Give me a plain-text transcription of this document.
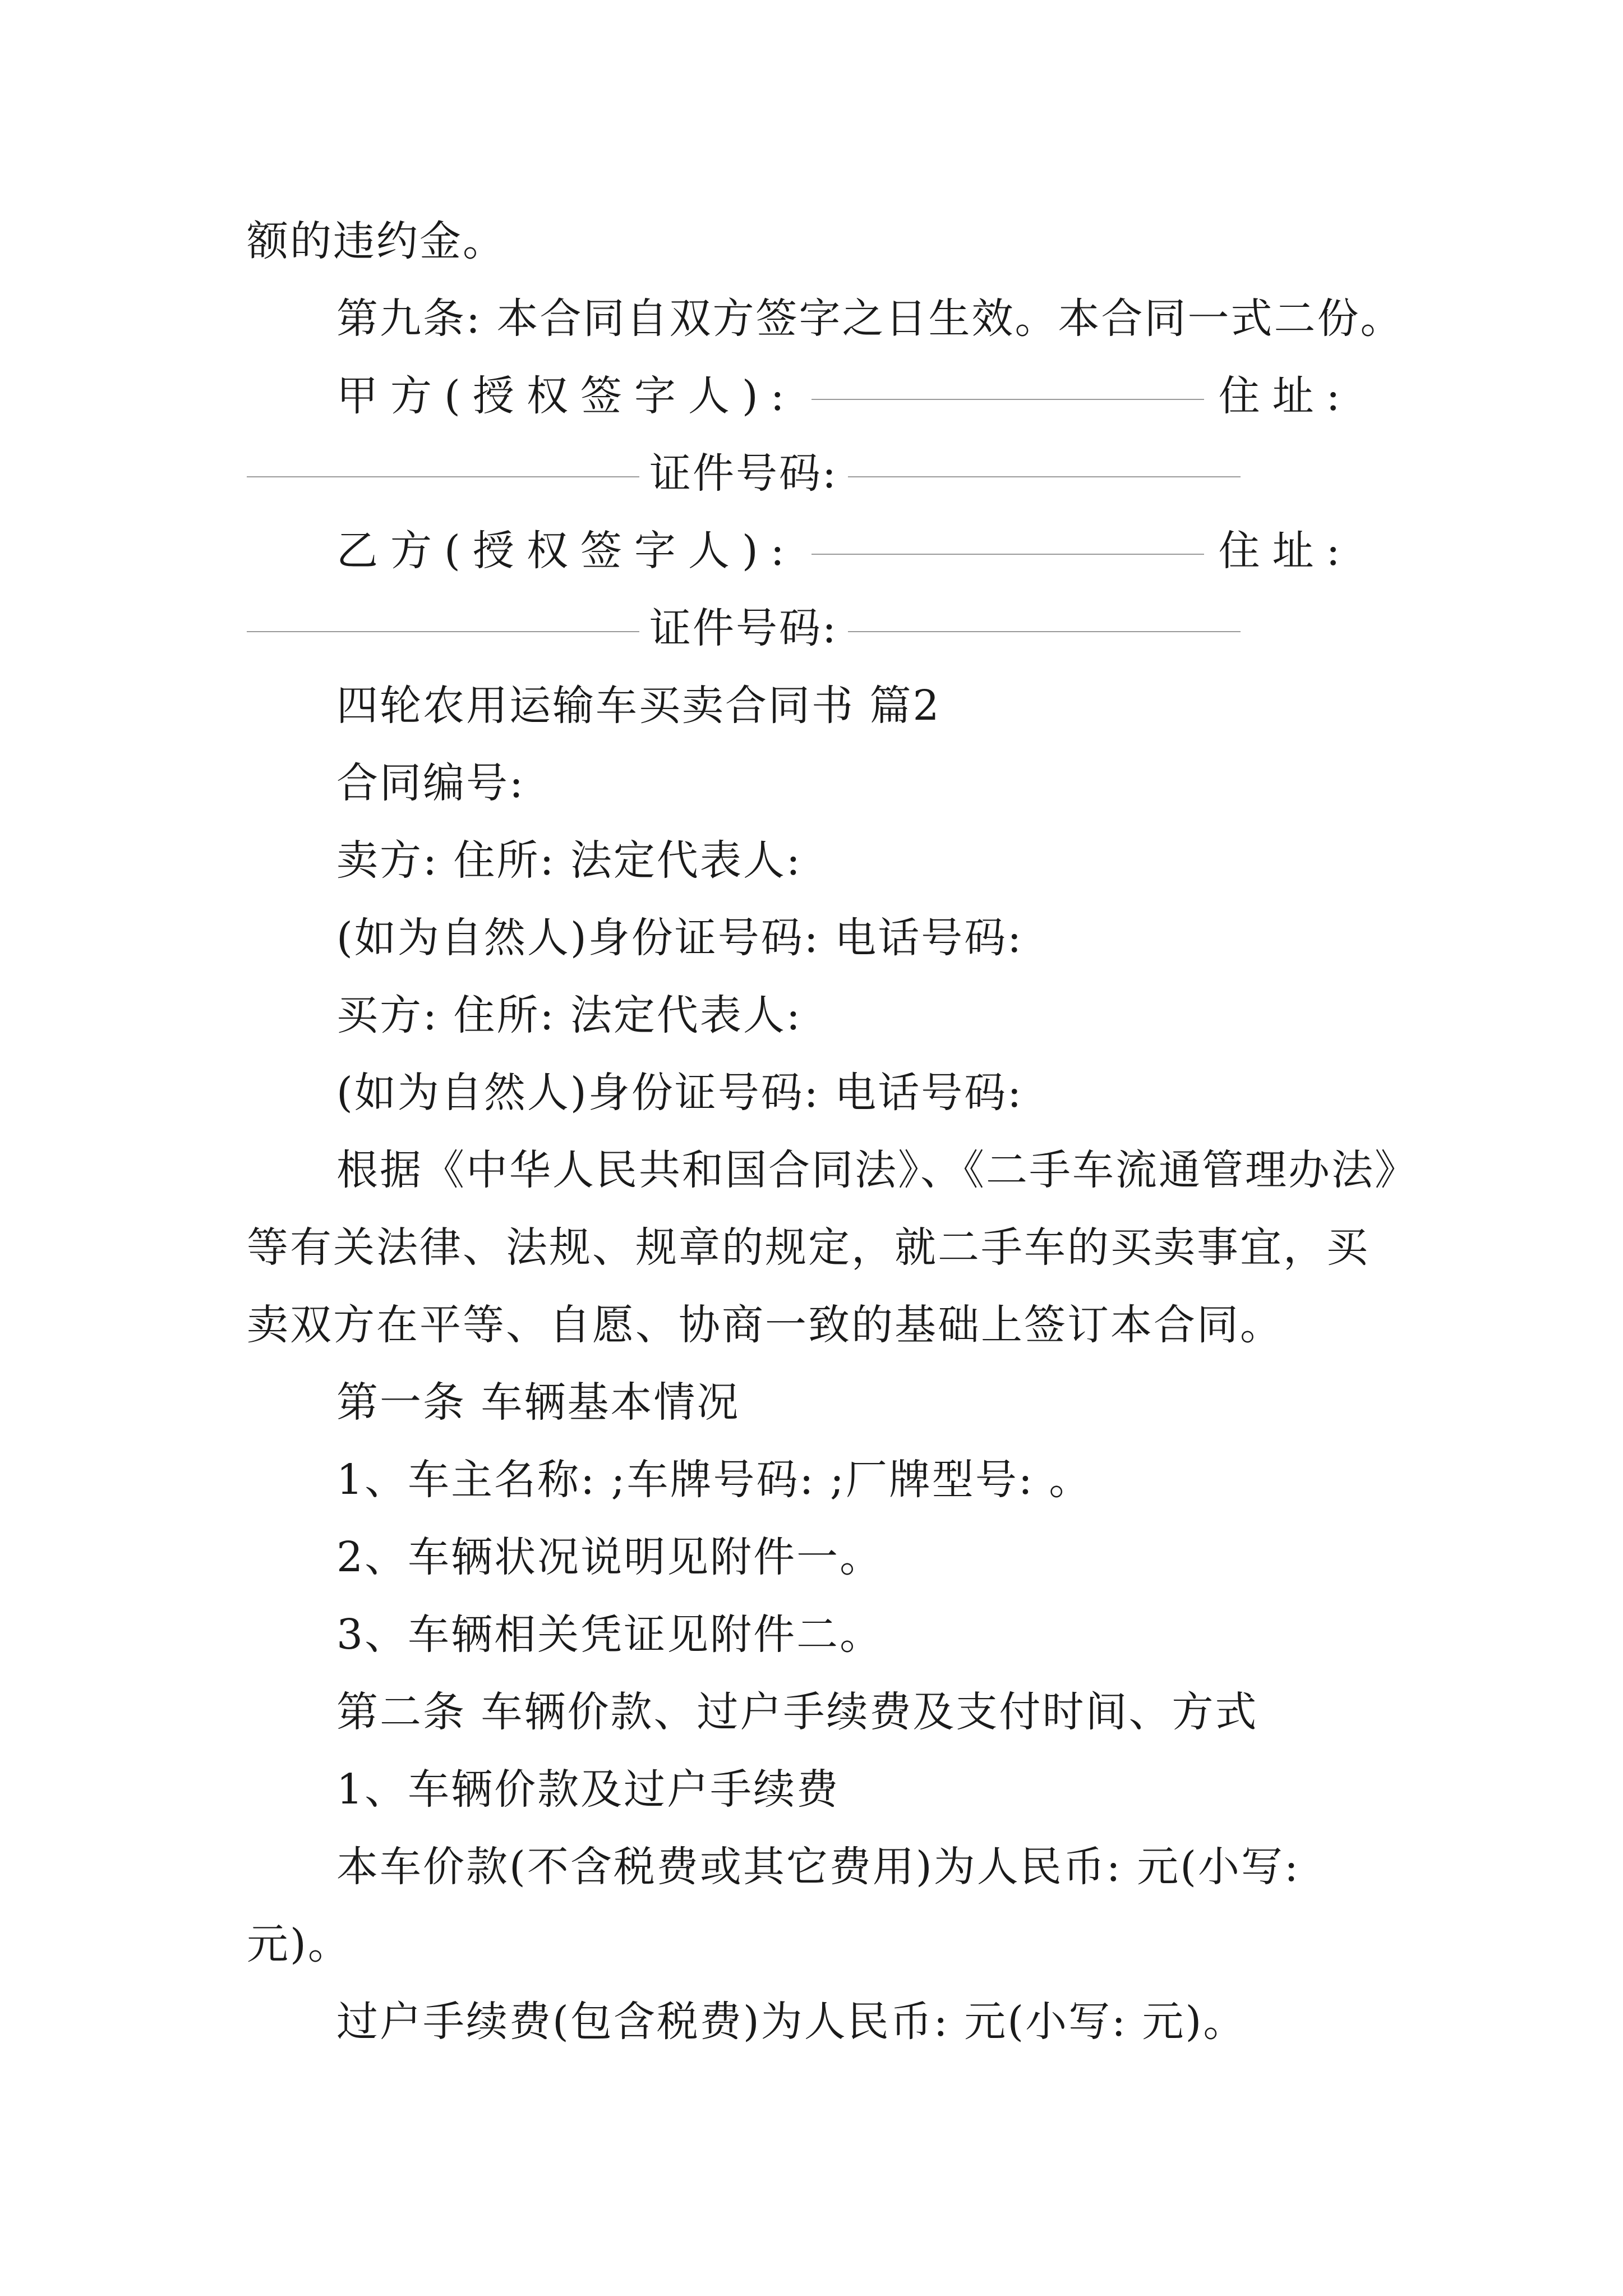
额的违约金。
第九条: 本合同自双方签字之日生效。本合同一式二份。
甲方(授权签字人):	住址:
证件号码:
乙方(授权签字人):	住址:
证件号码:
四轮农用运输车买卖合同书 篇2
合同编号:
卖方: 住所: 法定代表人:
(如为自然人)身份证号码: 电话号码:
买方: 住所: 法定代表人:
(如为自然人)身份证号码: 电话号码:
根据《中华人民共和国合同法》、《二手车流通管理办法》
等有关法律、法规、规章的规定，就二手车的买卖事宜，买
卖双方在平等、自愿、协商一致的基础上签订本合同。
第一条 车辆基本情况
1、车主名称: ;车牌号码: ;厂牌型号: 。
2、车辆状况说明见附件一。
3、车辆相关凭证见附件二。
第二条 车辆价款、过户手续费及支付时间、方式
1、车辆价款及过户手续费
本车价款(不含税费或其它费用)为人民币: 元(小写:
元)。
过户手续费(包含税费)为人民币: 元(小写: 元)。
